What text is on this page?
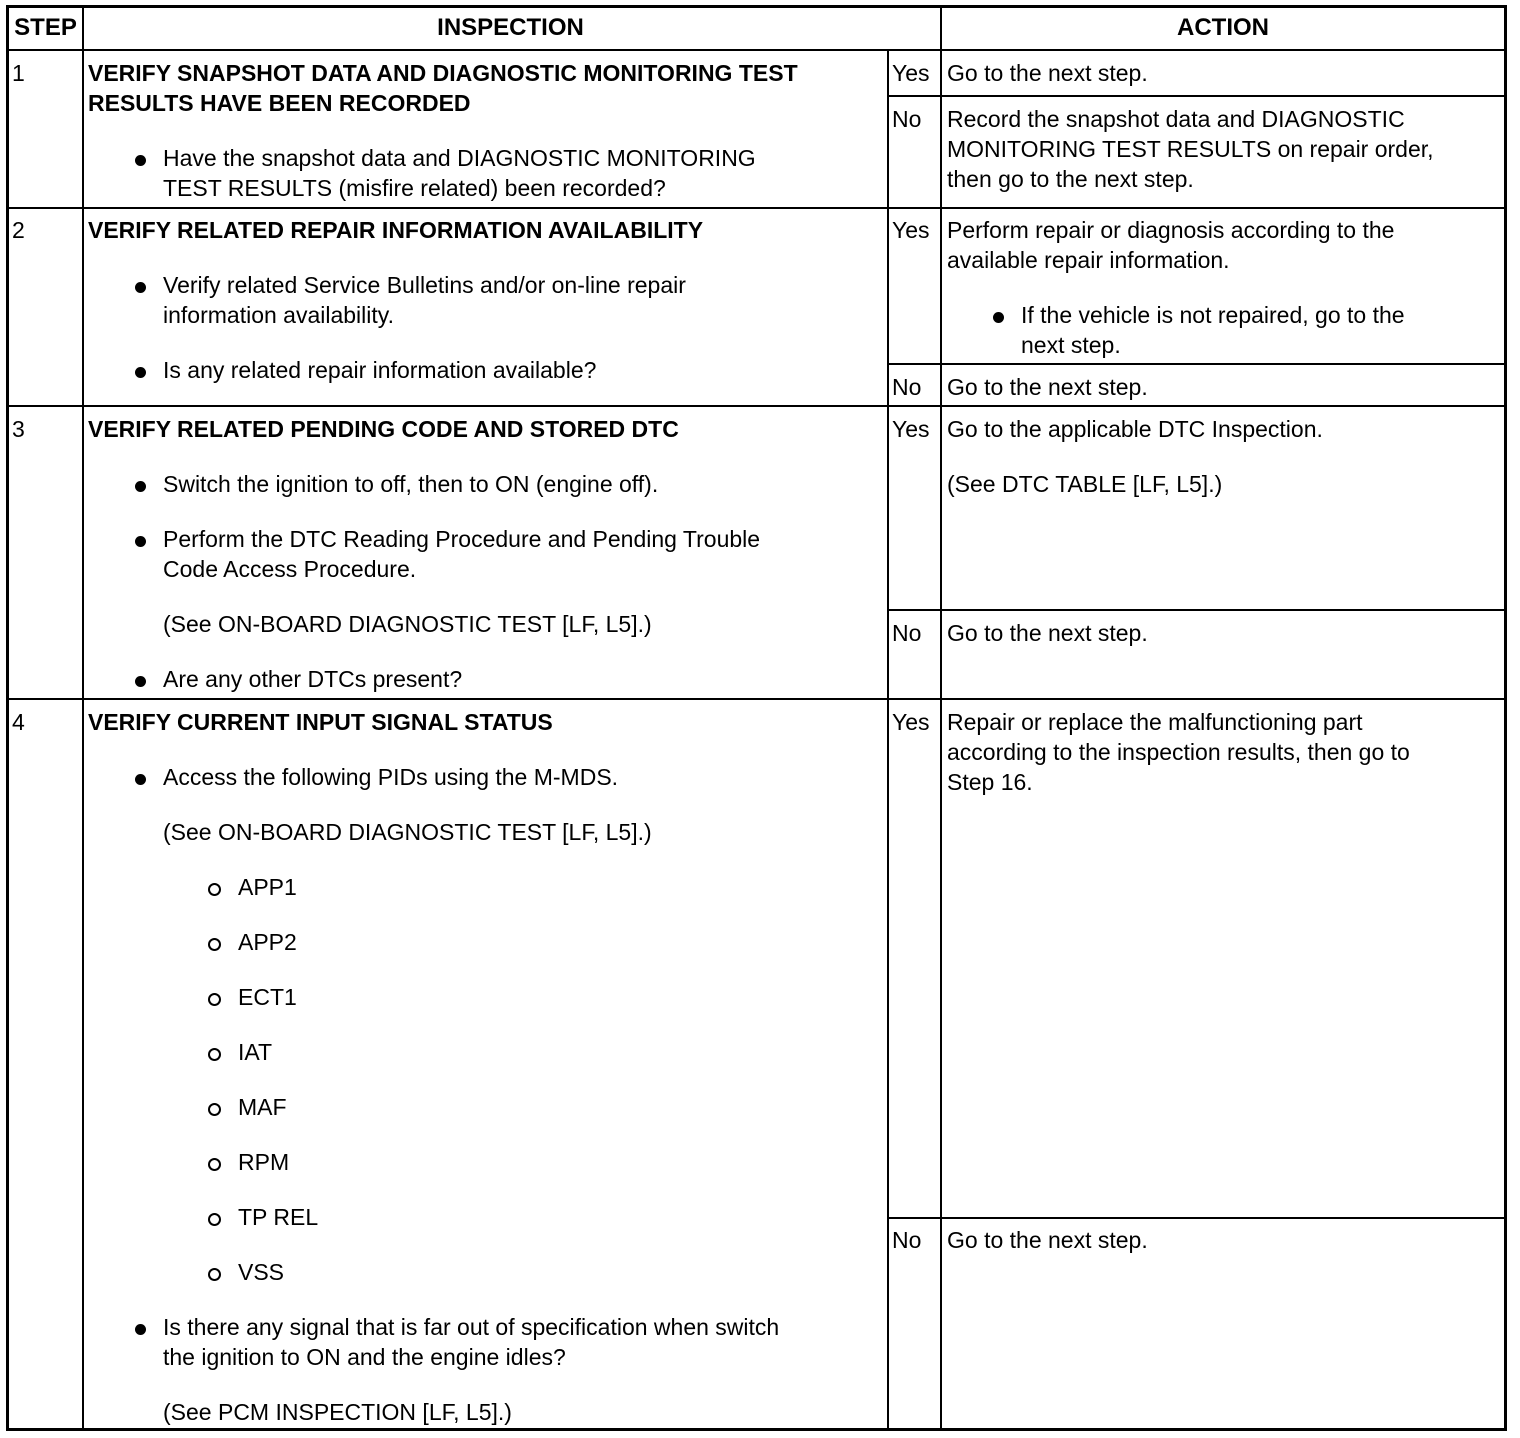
STEP	INSPECTION	ACTION
1	VERIFY SNAPSHOT DATA AND DIAGNOSTIC MONITORING TEST
RESULTS HAVE BEEN RECORDED
Have the snapshot data and DIAGNOSTIC MONITORING
TEST RESULTS (misfire related) been recorded?
Yes Go to the next step.
No Record the snapshot data and DIAGNOSTIC
MONITORING TEST RESULTS on repair order,
then go to the next step.
2	VERIFY RELATED REPAIR INFORMATION AVAILABILITY
Verify related Service Bulletins and/or on-line repair
information availability.
Is any related repair information available?
Yes Perform repair or diagnosis according to the
available repair information.
If the vehicle is not repaired, go to the
next step.
No Go to the next step.
3	VERIFY RELATED PENDING CODE AND STORED DTC
Switch the ignition to off, then to ON (engine off).
Perform the DTC Reading Procedure and Pending Trouble
Code Access Procedure.
(See ON-BOARD DIAGNOSTIC TEST [LF, L5].)
Are any other DTCs present?
Yes Go to the applicable DTC Inspection.
(See DTC TABLE [LF, L5].)
No Go to the next step.
4	VERIFY CURRENT INPUT SIGNAL STATUS
Access the following PIDs using the M-MDS.
(See ON-BOARD DIAGNOSTIC TEST [LF, L5].)
APP1
APP2
ECT1
IAT
MAF
RPM
TP REL
VSS
Is there any signal that is far out of specification when switch
the ignition to ON and the engine idles?
(See PCM INSPECTION [LF, L5].)
Yes Repair or replace the malfunctioning part
according to the inspection results, then go to
Step 16.
No Go to the next step.
